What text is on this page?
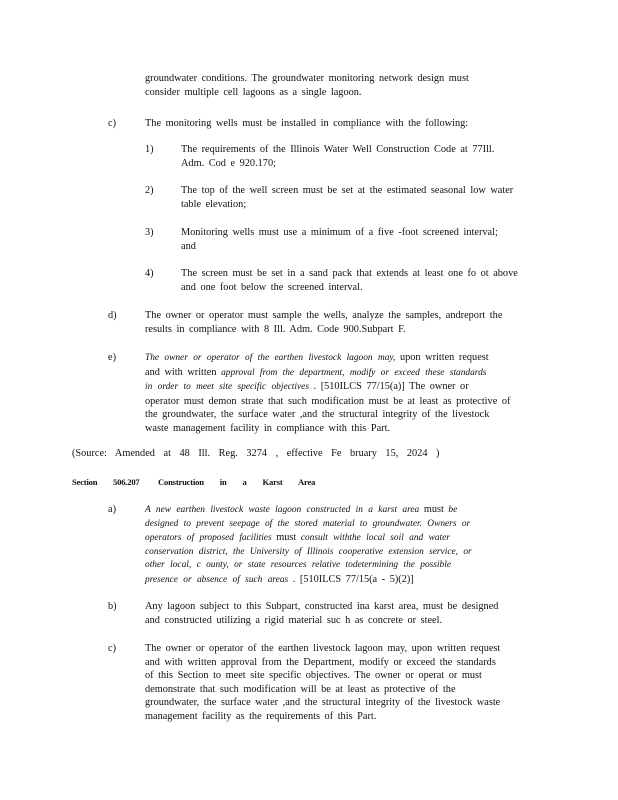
groundwater conditions. The groundwater monitoring network design must
consider multiple cell lagoons as a single lagoon.
c)	The monitoring wells must be installed in compliance with the following:
1)	The requirements of the Illinois Water Well Construction Code at 77Ill.
Adm. Cod e 920.170;
2)	The top of the well screen must be set at the estimated seasonal low water
table elevation;
3)	Monitoring wells must use a minimum of a five -foot screened interval;
and
4)	The screen must be set in a sand pack that extends at least one fo ot above
and one foot below the screened interval.
d)	The owner or operator must sample the wells, analyze the samples, andreport the
results in compliance with 8 Ill. Adm. Code 900.Subpart F.
e)	The owner or operator of the earthen livestock lagoon may, upon written request
and with written approval from the department, modify or exceed these standards
in order to meet site specific objectives . [510ILCS 77/15(a)] The owner or
operator must demon strate that such modification must be at least as protective of
the groundwater, the surface water ,and the structural integrity of the livestock
waste management facility in compliance with this Part.
(Source: Amended at 48 Ill. Reg. 3274 , effective Fe bruary 15, 2024 )
Section 506.207 Construction in a Karst Area
a)	A new earthen livestock waste lagoon constructed in a karst area must be
designed to prevent seepage of the stored material to groundwater. Owners or
operators of proposed facilities must consult withthe local soil and water
conservation district, the University of Illinois cooperative extension service, or
other local, c ounty, or state resources relative todetermining the possible
presence or absence of such areas . [510ILCS 77/15(a - 5)(2)]
b)	Any lagoon subject to this Subpart, constructed ina karst area, must be designed
and constructed utilizing a rigid material suc h as concrete or steel.
c)	The owner or operator of the earthen livestock lagoon may, upon written request
and with written approval from the Department, modify or exceed the standards
of this Section to meet site specific objectives. The owner or operat or must
demonstrate that such modification will be at least as protective of the
groundwater, the surface water ,and the structural integrity of the livestock waste
management facility as the requirements of this Part.
